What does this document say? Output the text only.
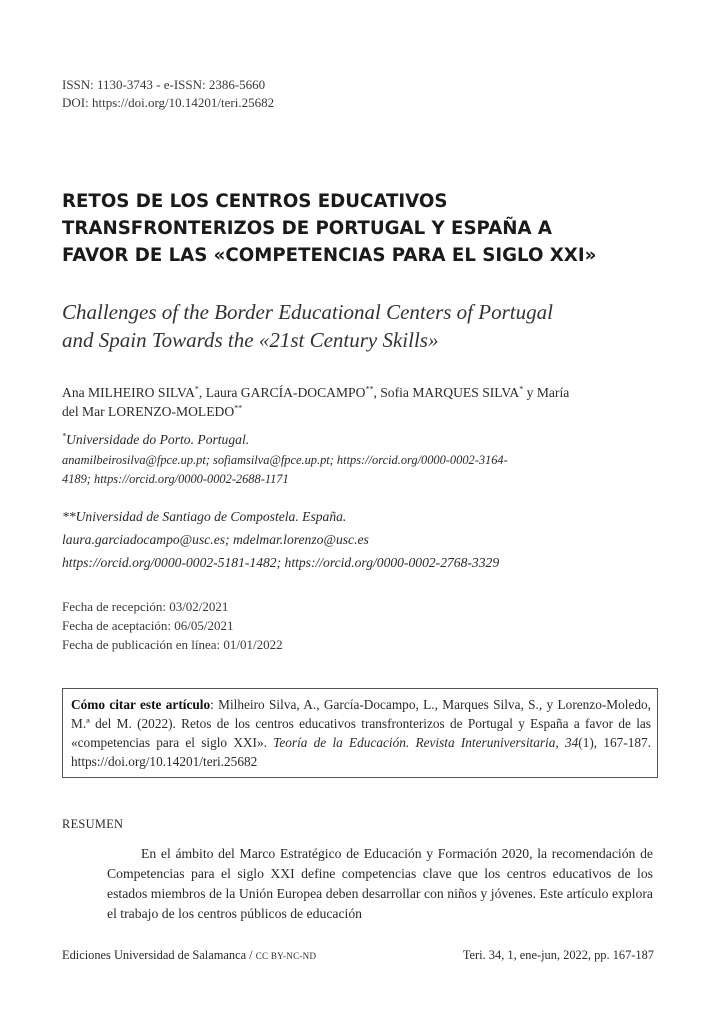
ISSN: 1130-3743 - e-ISSN: 2386-5660
DOI: https://doi.org/10.14201/teri.25682
RETOS DE LOS CENTROS EDUCATIVOS
TRANSFRONTERIZOS DE PORTUGAL Y ESPAÑA A
FAVOR DE LAS «COMPETENCIAS PARA EL SIGLO XXI»
Challenges of the Border Educational Centers of Portugal
and Spain Towards the «21st Century Skills»
Ana MILHEIRO SILVA*, Laura GARCÍA-DOCAMPO**, Sofia MARQUES SILVA* y María
del Mar LORENZO-MOLEDO**
*Universidade do Porto. Portugal.
anamilbeirosilva@fpce.up.pt; sofiamsilva@fpce.up.pt; https://orcid.org/0000-0002-3164-
4189; https://orcid.org/0000-0002-2688-1171
**Universidad de Santiago de Compostela. España.
laura.garciadocampo@usc.es; mdelmar.lorenzo@usc.es
https://orcid.org/0000-0002-5181-1482; https://orcid.org/0000-0002-2768-3329
Fecha de recepción: 03/02/2021
Fecha de aceptación: 06/05/2021
Fecha de publicación en línea: 01/01/2022
Cómo citar este artículo: Milheiro Silva, A., García-Docampo, L., Marques Silva, S., y Lorenzo-Moledo, M.ª del M. (2022). Retos de los centros educativos transfronterizos de Portugal y España a favor de las «competencias para el siglo XXI». Teoría de la Educación. Revista Interuniversitaria, 34(1), 167-187. https://doi.org/10.14201/teri.25682
RESUMEN
En el ámbito del Marco Estratégico de Educación y Formación 2020, la recomendación de Competencias para el siglo XXI define competencias clave que los centros educativos de los estados miembros de la Unión Europea deben desarrollar con niños y jóvenes. Este artículo explora el trabajo de los centros públicos de educación
Ediciones Universidad de Salamanca / CC BY-NC-ND	Teri. 34, 1, ene-jun, 2022, pp. 167-187
